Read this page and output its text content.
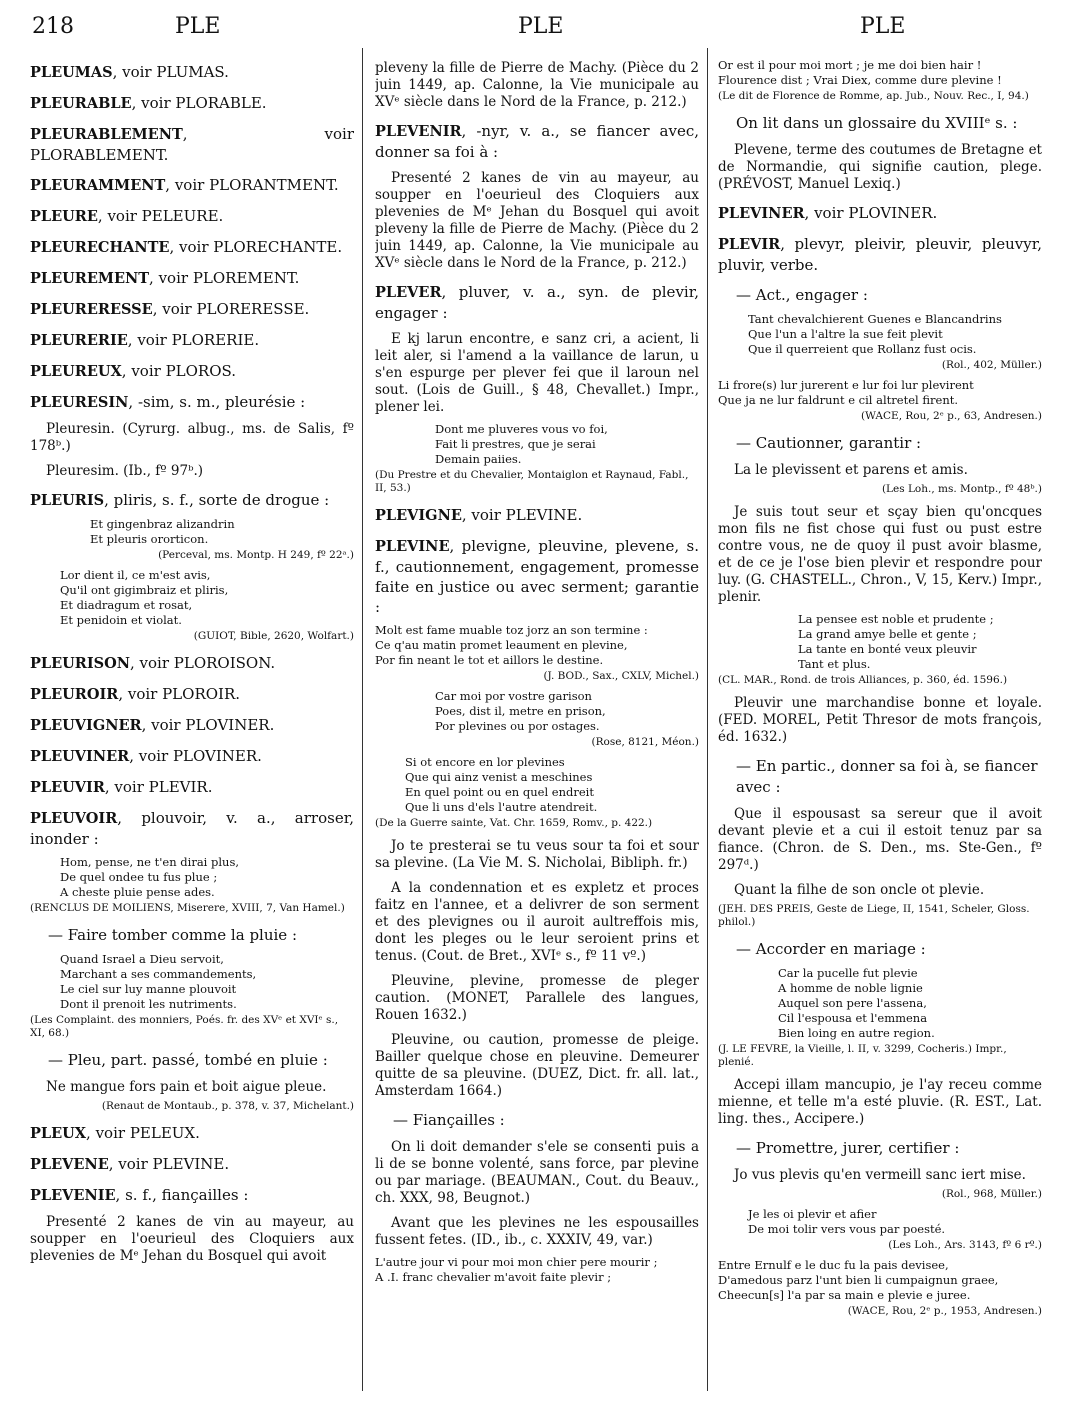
218	PLE	PLE	PLE

PLEUMAS, voir PLUMAS.

PLEURABLE, voir PLORABLE.

PLEURABLEMENT, voir PLORABLEMENT.

PLEURAMMENT, voir PLORANTMENT.

PLEURE, voir PELEURE.

PLEURECHANTE, voir PLORECHANTE.

PLEUREMENT, voir PLOREMENT.

PLEURERESSE, voir PLORERESSE.

PLEURERIE, voir PLORERIE.

PLEUREUX, voir PLOROS.

PLEURESIN, -sim, s. m., pleurésie :

Pleuresin. (Cyrurg. albug., ms. de Salis, fº 178ᵇ.)

Pleuresim. (Ib., fº 97ᵇ.)

PLEURIS, pliris, s. f., sorte de drogue :

Et gingenbraz alizandrin
Et pleuris ororticon.

(Perceval, ms. Montp. H 249, fº 22ᵃ.)

Lor dient il, ce m'est avis,
Qu'il ont gigimbraiz et pliris,
Et diadragum et rosat,
Et penidoin et violat.

(GUIOT, Bible, 2620, Wolfart.)

PLEURISON, voir PLOROISON.

PLEUROIR, voir PLOROIR.

PLEUVIGNER, voir PLOVINER.

PLEUVINER, voir PLOVINER.

PLEUVIR, voir PLEVIR.

PLEUVOIR, plouvoir, v. a., arroser, inonder :

Hom, pense, ne t'en dirai plus,
De quel ondee tu fus plue ;
A cheste pluie pense ades.

(RENCLUS DE MOILIENS, Miserere, XVIII, 7, Van Hamel.)

— Faire tomber comme la pluie :

Quand Israel a Dieu servoit,
Marchant a ses commandements,
Le ciel sur luy manne plouvoit
Dont il prenoit les nutriments.

(Les Complaint. des monniers, Poés. fr. des XVᵉ et XVIᵉ s., XI, 68.)

— Pleu, part. passé, tombé en pluie :

Ne mangue fors pain et boit aigue pleue.

(Renaut de Montaub., p. 378, v. 37, Michelant.)

PLEUX, voir PELEUX.

PLEVENE, voir PLEVINE.

PLEVENIE, s. f., fiançailles :

Presenté 2 kanes de vin au mayeur, au soupper en l'oeurieul des Cloquiers aux plevenies de Mᵉ Jehan du Bosquel qui avoit

pleveny la fille de Pierre de Machy. (Pièce du 2 juin 1449, ap. Calonne, la Vie municipale au XVᵉ siècle dans le Nord de la France, p. 212.)

PLEVENIR, -nyr, v. a., se fiancer avec, donner sa foi à :

Presenté 2 kanes de vin au mayeur, au soupper en l'oeurieul des Cloquiers aux plevenies de Mᵉ Jehan du Bosquel qui avoit pleveny la fille de Pierre de Machy. (Pièce du 2 juin 1449, ap. Calonne, la Vie municipale au XVᵉ siècle dans le Nord de la France, p. 212.)

PLEVER, pluver, v. a., syn. de plevir, engager :

E kj larun encontre, e sanz cri, a acient, li leit aler, si l'amend a la vaillance de larun, u s'en espurge per plever fei que il laroun nel sout. (Lois de Guill., § 48, Chevallet.) Impr., plener lei.

Dont me pluveres vous vo foi,
Fait li prestres, que je serai
Demain paiies.

(Du Prestre et du Chevalier, Montaiglon et Raynaud, Fabl., II, 53.)

PLEVIGNE, voir PLEVINE.

PLEVINE, plevigne, pleuvine, plevene, s. f., cautionnement, engagement, promesse faite en justice ou avec serment; garantie :

Molt est fame muable toz jorz an son termine :
Ce q'au matin promet leaument en plevine,
Por fin neant le tot et aillors le destine.

(J. BOD., Sax., CXLV, Michel.)

Car moi por vostre garison
Poes, dist il, metre en prison,
Por plevines ou por ostages.

(Rose, 8121, Méon.)

Si ot encore en lor plevines
Que qui ainz venist a meschines
En quel point ou en quel endreit
Que li uns d'els l'autre atendreit.

(De la Guerre sainte, Vat. Chr. 1659, Romv., p. 422.)

Jo te presterai se tu veus sour ta foi et sour sa plevine. (La Vie M. S. Nicholai, Bibliph. fr.)

A la condennation et es expletz et proces faitz en l'annee, et a delivrer de son serment et des plevignes ou il auroit aultreffois mis, dont les pleges ou le leur seroient prins et tenus. (Cout. de Bret., XVIᵉ s., fº 11 vº.)

Pleuvine, plevine, promesse de pleger caution. (MONET, Parallele des langues, Rouen 1632.)

Pleuvine, ou caution, promesse de pleige. Bailler quelque chose en pleuvine. Demeurer quitte de sa pleuvine. (DUEZ, Dict. fr. all. lat., Amsterdam 1664.)

— Fiançailles :

On li doit demander s'ele se consenti puis a li de se bonne volenté, sans force, par plevine ou par mariage. (BEAUMAN., Cout. du Beauv., ch. XXX, 98, Beugnot.)

Avant que les plevines ne les espousailles fussent fetes. (ID., ib., c. XXXIV, 49, var.)

L'autre jour vi pour moi mon chier pere mourir ;
A .I. franc chevalier m'avoit faite plevir ;
Or est il pour moi mort ; je me doi bien hair !
Flourence dist ; Vrai Diex, comme dure plevine !

(Le dit de Florence de Romme, ap. Jub., Nouv. Rec., I, 94.)

On lit dans un glossaire du XVIIIᵉ s. :

Plevene, terme des coutumes de Bretagne et de Normandie, qui signifie caution, plege. (PRÉVOST, Manuel Lexiq.)

PLEVINER, voir PLOVINER.

PLEVIR, plevyr, pleivir, pleuvir, pleuvyr, pluvir, verbe.

— Act., engager :

Tant chevalchierent Guenes e Blancandrins
Que l'un a l'altre la sue feit plevit
Que il querreient que Rollanz fust ocis.

(Rol., 402, Müller.)

Li frore(s) lur jurerent e lur foi lur plevirent
Que ja ne lur faldrunt e cil altretel firent.

(WACE, Rou, 2ᵉ p., 63, Andresen.)

— Cautionner, garantir :

La le plevissent et parens et amis.

(Les Loh., ms. Montp., fº 48ᵇ.)

Je suis tout seur et sçay bien qu'oncques mon fils ne fist chose qui fust ou pust estre contre vous, ne de quoy il pust avoir blasme, et de ce je l'ose bien plevir et respondre pour luy. (G. CHASTELL., Chron., V, 15, Kerv.) Impr., plenir.

La pensee est noble et prudente ;
La grand amye belle et gente ;
La tante en bonté veux pleuvir
Tant et plus.

(CL. MAR., Rond. de trois Alliances, p. 360, éd. 1596.)

Pleuvir une marchandise bonne et loyale. (FED. MOREL, Petit Thresor de mots françois, éd. 1632.)

— En partic., donner sa foi à, se fiancer avec :

Que il espousast sa sereur que il avoit devant plevie et a cui il estoit tenuz par sa fiance. (Chron. de S. Den., ms. Ste-Gen., fº 297ᵈ.)

Quant la filhe de son oncle ot plevie.

(JEH. DES PREIS, Geste de Liege, II, 1541, Scheler, Gloss. philol.)

— Accorder en mariage :

Car la pucelle fut plevie
A homme de noble lignie
Auquel son pere l'assena,
Cil l'espousa et l'emmena
Bien loing en autre region.

(J. LE FEVRE, la Vieille, l. II, v. 3299, Cocheris.) Impr., plenié.

Accepi illam mancupio, je l'ay receu comme mienne, et telle m'a esté pluvie. (R. EST., Lat. ling. thes., Accipere.)

— Promettre, jurer, certifier :

Jo vus plevis qu'en vermeill sanc iert mise.

(Rol., 968, Müller.)

Je les oi plevir et afier
De moi tolir vers vous par poesté.

(Les Loh., Ars. 3143, fº 6 rº.)

Entre Ernulf e le duc fu la pais devisee,
D'amedous parz l'unt bien li cumpaignun graee,
Cheecun[s] l'a par sa main e plevie e juree.

(WACE, Rou, 2ᵉ p., 1953, Andresen.)
